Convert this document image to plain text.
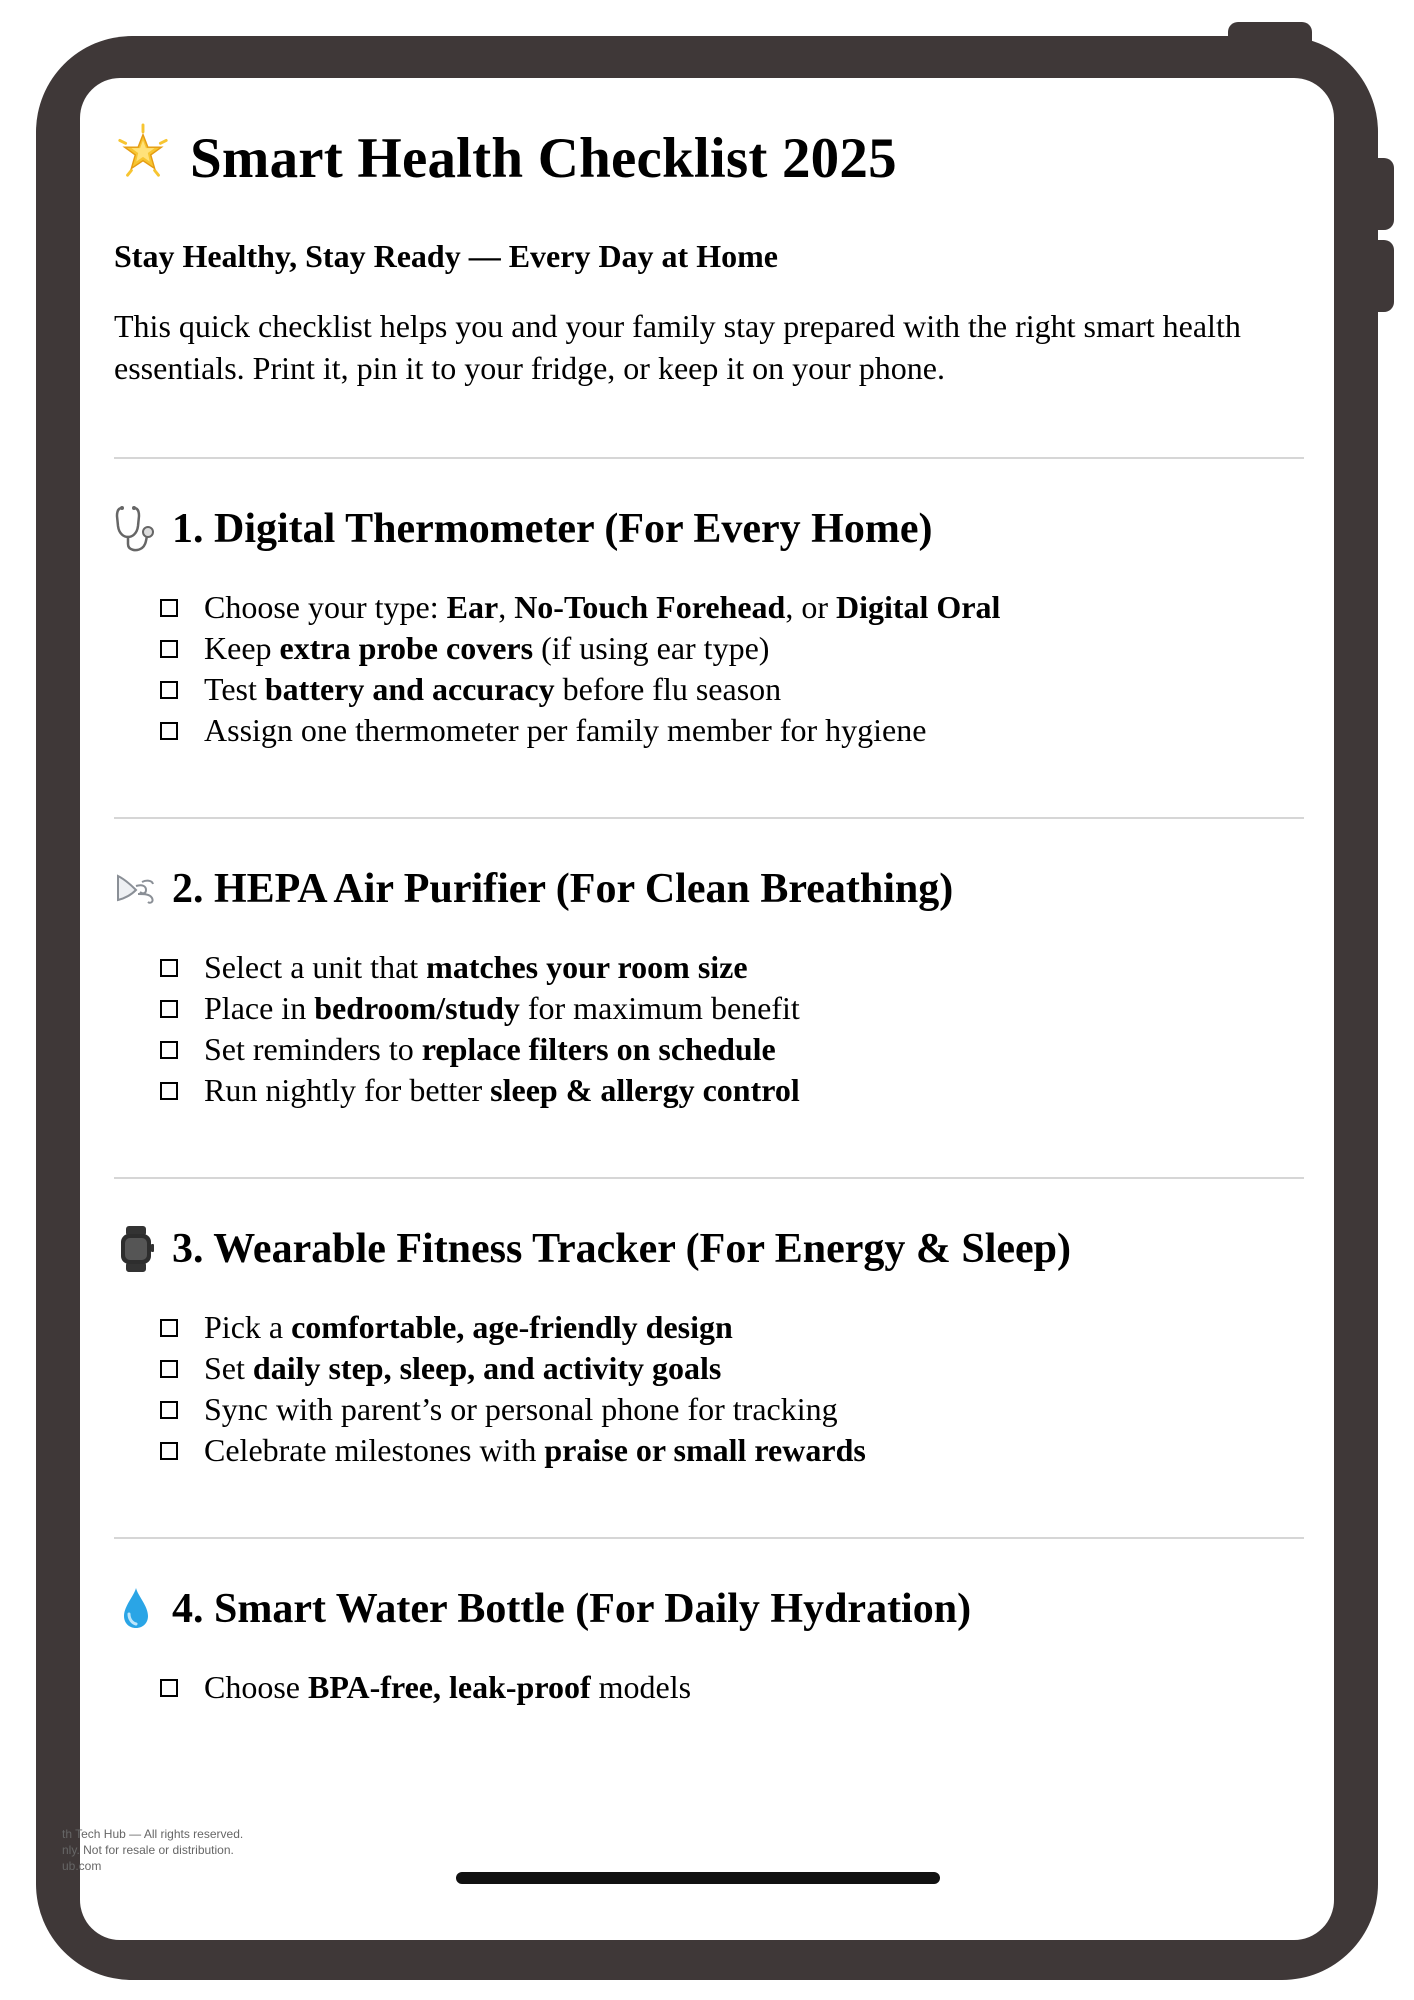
Smart Health Checklist 2025
Stay Healthy, Stay Ready — Every Day at Home
This quick checklist helps you and your family stay prepared with the right smart health essentials. Print it, pin it to your fridge, or keep it on your phone.
1. Digital Thermometer (For Every Home)
Choose your type: Ear, No-Touch Forehead, or Digital Oral
Keep extra probe covers (if using ear type)
Test battery and accuracy before flu season
Assign one thermometer per family member for hygiene
2. HEPA Air Purifier (For Clean Breathing)
Select a unit that matches your room size
Place in bedroom/study for maximum benefit
Set reminders to replace filters on schedule
Run nightly for better sleep & allergy control
3. Wearable Fitness Tracker (For Energy & Sleep)
Pick a comfortable, age-friendly design
Set daily step, sleep, and activity goals
Sync with parent’s or personal phone for tracking
Celebrate milestones with praise or small rewards
4. Smart Water Bottle (For Daily Hydration)
Choose BPA-free, leak-proof models
th Tech Hub — All rights reserved.
nly. Not for resale or distribution.
ub.com
